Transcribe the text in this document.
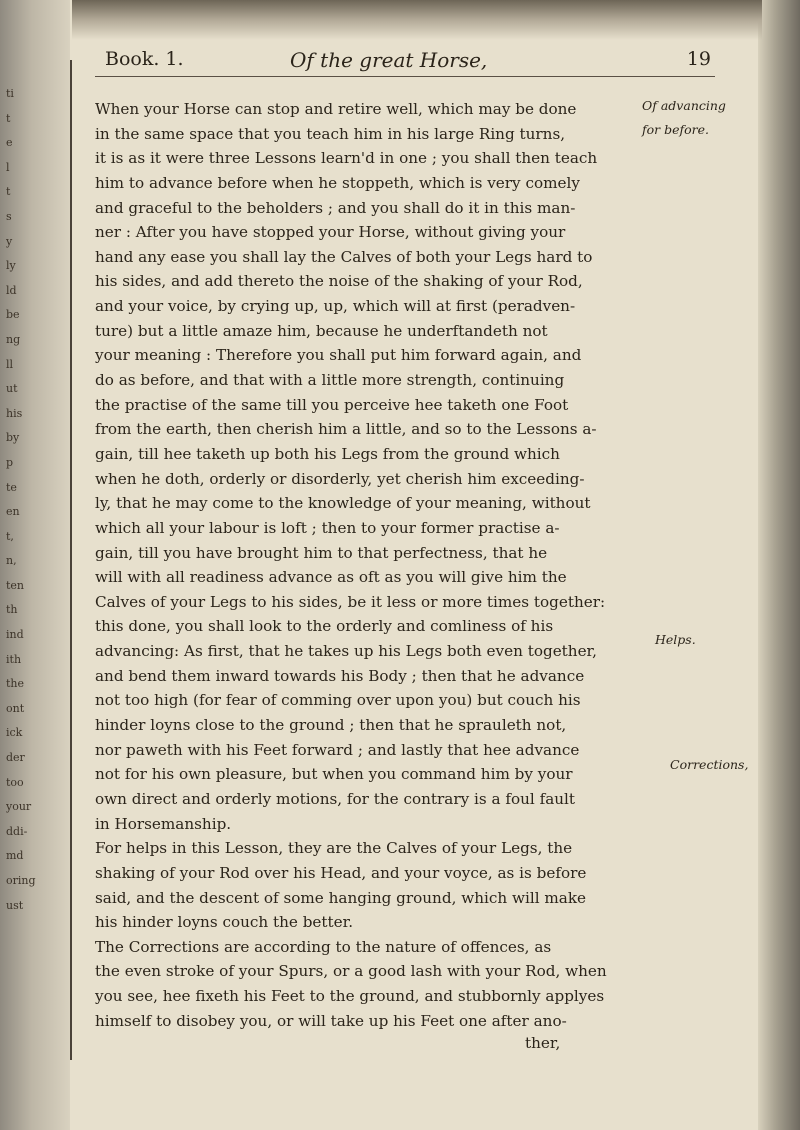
ti
t
e
l
t
s
y
ly
ld
be
ng
ll
ut
his
by
p
te
en
t,
n,
ten
th
ind
ith
the
ont
ick
der
too
your
ddi-
md
oring
ust
Book. 1.	Of the great Horse,	19
When your Horse can stop and retire well, which may be done
in the same space that you teach him in his large Ring turns,
it is as it were three Lessons learn'd in one ; you shall then teach
him to advance before when he stoppeth, which is very comely
and graceful to the beholders ; and you shall do it in this man-
ner : After you have stopped your Horse, without giving your
hand any ease you shall lay the Calves of both your Legs hard to
his sides, and add thereto the noise of the shaking of your Rod,
and your voice, by crying up, up, which will at first (peradven-
ture) but a little amaze him, because he underftandeth not
your meaning : Therefore you shall put him forward again, and
do as before, and that with a little more strength, continuing
the practise of the same till you perceive hee taketh one Foot
from the earth, then cherish him a little, and so to the Lessons a-
gain, till hee taketh up both his Legs from the ground which
when he doth, orderly or disorderly, yet cherish him exceeding-
ly, that he may come to the knowledge of your meaning, without
which all your labour is loft ; then to your former practise a-
gain, till you have brought him to that perfectness, that he
will with all readiness advance as oft as you will give him the
Calves of your Legs to his sides, be it less or more times together:
this done, you shall look to the orderly and comliness of his
advancing: As first, that he takes up his Legs both even together,
and bend them inward towards his Body ; then that he advance
not too high (for fear of comming over upon you) but couch his
hinder loyns close to the ground ; then that he sprauleth not,
nor paweth with his Feet forward ; and lastly that hee advance
not for his own pleasure, but when you command him by your
own direct and orderly motions, for the contrary is a foul fault
in Horsemanship.
For helps in this Lesson, they are the Calves of your Legs, the
shaking of your Rod over his Head, and your voyce, as is before
said, and the descent of some hanging ground, which will make
his hinder loyns couch the better.
The Corrections are according to the nature of offences, as
the even stroke of your Spurs, or a good lash with your Rod, when
you see, hee fixeth his Feet to the ground, and stubbornly applyes
himself to disobey you, or will take up his Feet one after ano-
Of advancing
for before.
Helps.
Corrections,
ther,
